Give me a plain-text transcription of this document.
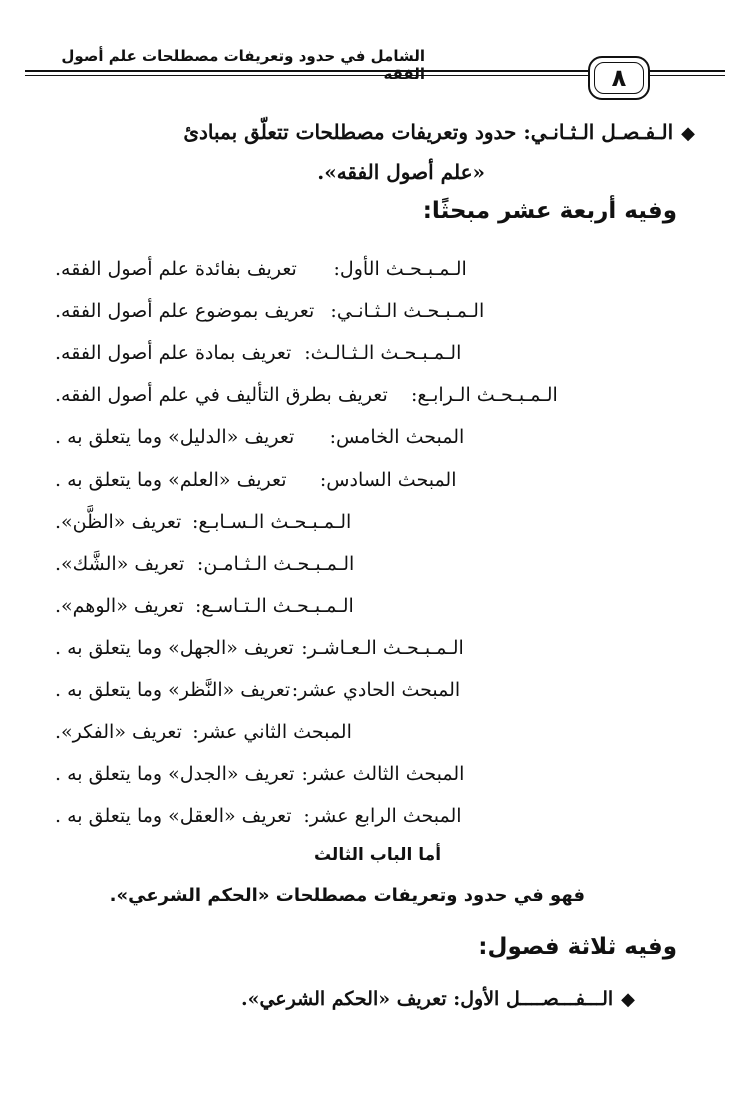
الشامل في حدود وتعريفات مصطلحات علم أصول الفقه	٨
◆الـفـصـل الـثـانـي: حدود وتعريفات مصطلحات تتعلّق بمبادئ
«علم أصول الفقه».
وفيه أربعة عشر مبحثًا:
الـمـبـحـث الأول:
تعريف بفائدة علم أصول الفقه.
الـمـبـحـث الـثـانـي:
تعريف بموضوع علم أصول الفقه.
الـمـبـحـث الـثـالـث:
تعريف بمادة علم أصول الفقه.
الـمـبـحـث الـرابـع:
تعريف بطرق التأليف في علم أصول الفقه.
المبحث الخامس:
تعريف «الدليل» وما يتعلق به .
المبحث السادس:
تعريف «العلم» وما يتعلق به .
الـمـبـحـث الـسـابـع:
تعريف «الظَّن».
الـمـبـحـث الـثـامـن:
تعريف «الشَّك».
الـمـبـحـث الـتـاسـع:
تعريف «الوهم».
الـمـبـحـث الـعـاشـر:
تعريف «الجهل» وما يتعلق به .
المبحث الحادي عشر:
تعريف «النَّظر» وما يتعلق به .
المبحث الثاني عشر:
تعريف «الفكر».
المبحث الثالث عشر:
تعريف «الجدل» وما يتعلق به .
المبحث الرابع عشر:
تعريف «العقل» وما يتعلق به .
أما الباب الثالث
فهو في حدود وتعريفات مصطلحات «الحكم الشرعي».
وفيه ثلاثة فصول:
◆الـــفـــصــــل الأول: تعريف «الحكم الشرعي».
